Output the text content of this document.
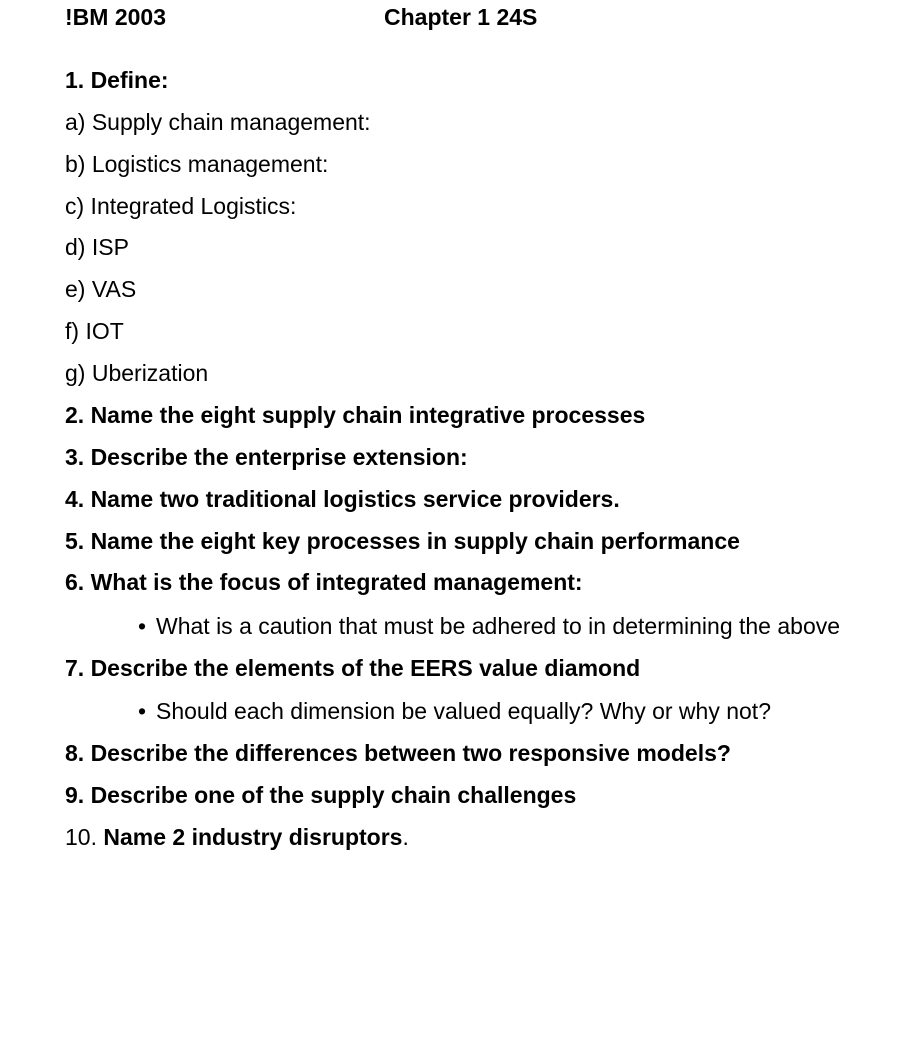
!BM 2003	Chapter 1 24S
1. Define:
a) Supply chain management:
b) Logistics management:
c) Integrated Logistics:
d) ISP
e) VAS
f) IOT
g) Uberization
2. Name the eight supply chain integrative processes
3. Describe the enterprise extension:
4. Name two traditional logistics service providers.
5. Name the eight key processes in supply chain performance
6. What is the focus of integrated management:
• What is a caution that must be adhered to in determining the above
7. Describe the elements of the EERS value diamond
• Should each dimension be valued equally? Why or why not?
8. Describe the differences between two responsive models?
9. Describe one of the supply chain challenges
10. Name 2 industry disruptors.
